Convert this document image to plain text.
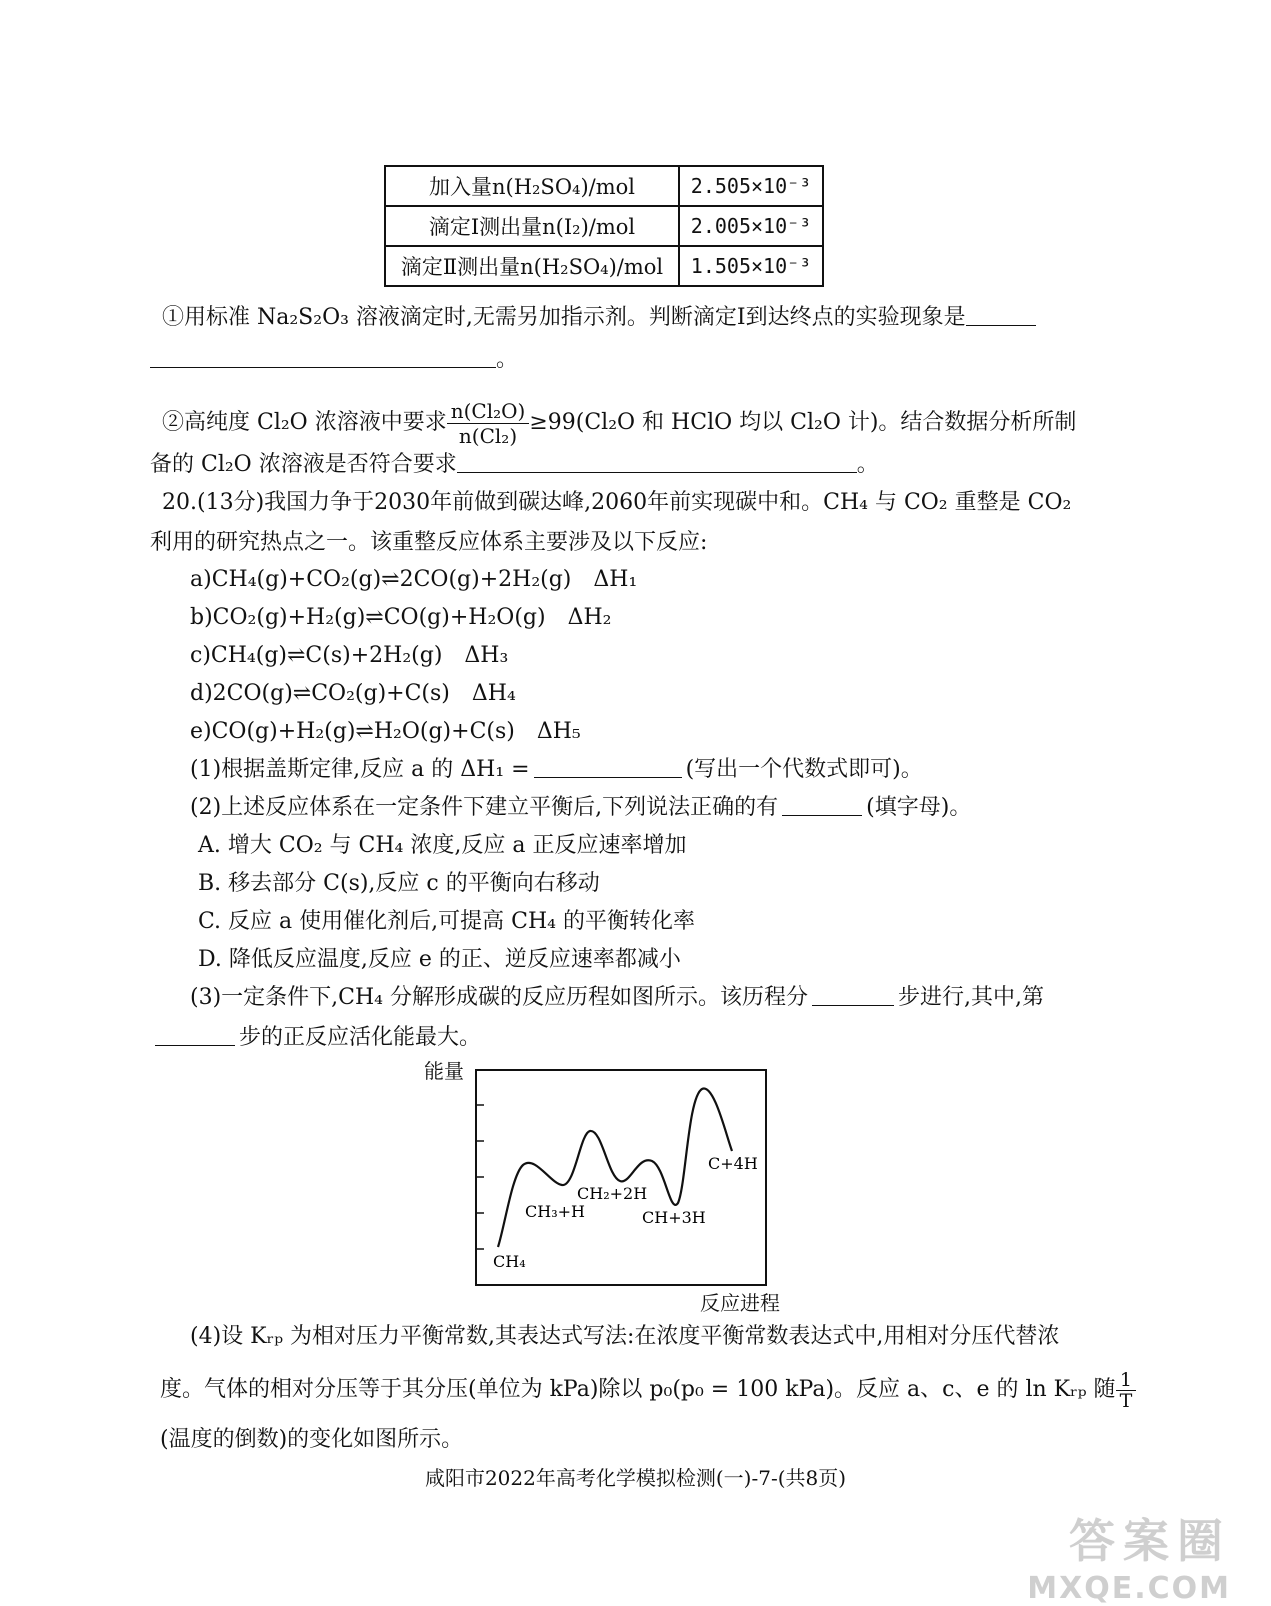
加入量n(H₂SO₄)/mol	2.505×10⁻³
滴定Ⅰ测出量n(I₂)/mol	2.005×10⁻³
滴定Ⅱ测出量n(H₂SO₄)/mol	1.505×10⁻³
①用标准 Na₂S₂O₃ 溶液滴定时,无需另加指示剂。判断滴定Ⅰ到达终点的实验现象是
。
②高纯度 Cl₂O 浓溶液中要求 $\frac{\text{n(Cl₂O)}}{\text{n(Cl₂)}} \ge 99(Cl_2O$ 和 HClO 均以 Cl₂O 计)。结合数据分析所制
备的 Cl₂O 浓溶液是否符合要求	。
20.(13分)我国力争于2030年前做到碳达峰,2060年前实现碳中和。CH₄ 与 CO₂ 重整是 CO₂
利用的研究热点之一。该重整反应体系主要涉及以下反应:
a)CH₄(g)+CO₂(g)⇌2CO(g)+2H₂(g)　ΔH₁
b)CO₂(g)+H₂(g)⇌CO(g)+H₂O(g)　ΔH₂
c)CH₄(g)⇌C(s)+2H₂(g)　ΔH₃
d)2CO(g)⇌CO₂(g)+C(s)　ΔH₄
e)CO(g)+H₂(g)⇌H₂O(g)+C(s)　ΔH₅
(1)根据盖斯定律,反应 a 的 ΔH₁ =	(写出一个代数式即可)。
(2)上述反应体系在一定条件下建立平衡后,下列说法正确的有	(填字母)。
A. 增大 CO₂ 与 CH₄ 浓度,反应 a 正反应速率增加
B. 移去部分 C(s),反应 c 的平衡向右移动
C. 反应 a 使用催化剂后,可提高 CH₄ 的平衡转化率
D. 降低反应温度,反应 e 的正、逆反应速率都减小
(3)一定条件下,CH₄ 分解形成碳的反应历程如图所示。该历程分	步进行,其中,第
步的正反应活化能最大。
CH₄
CH₃+H
CH₂+2H
CH+3H
C+4H
能量
反应进程
(4)设 Kᵣₚ 为相对压力平衡常数,其表达式写法:在浓度平衡常数表达式中,用相对分压代替浓
度。气体的相对分压等于其分压(单位为 kPa)除以 p₀(p₀ = 100 kPa)。反应 a、c、e 的 ln Kᵣₚ 随 $\frac{1}{T}$
(温度的倒数)的变化如图所示。
咸阳市2022年高考化学模拟检测(一)-7-(共8页)
答案圈
MXQE.COM
